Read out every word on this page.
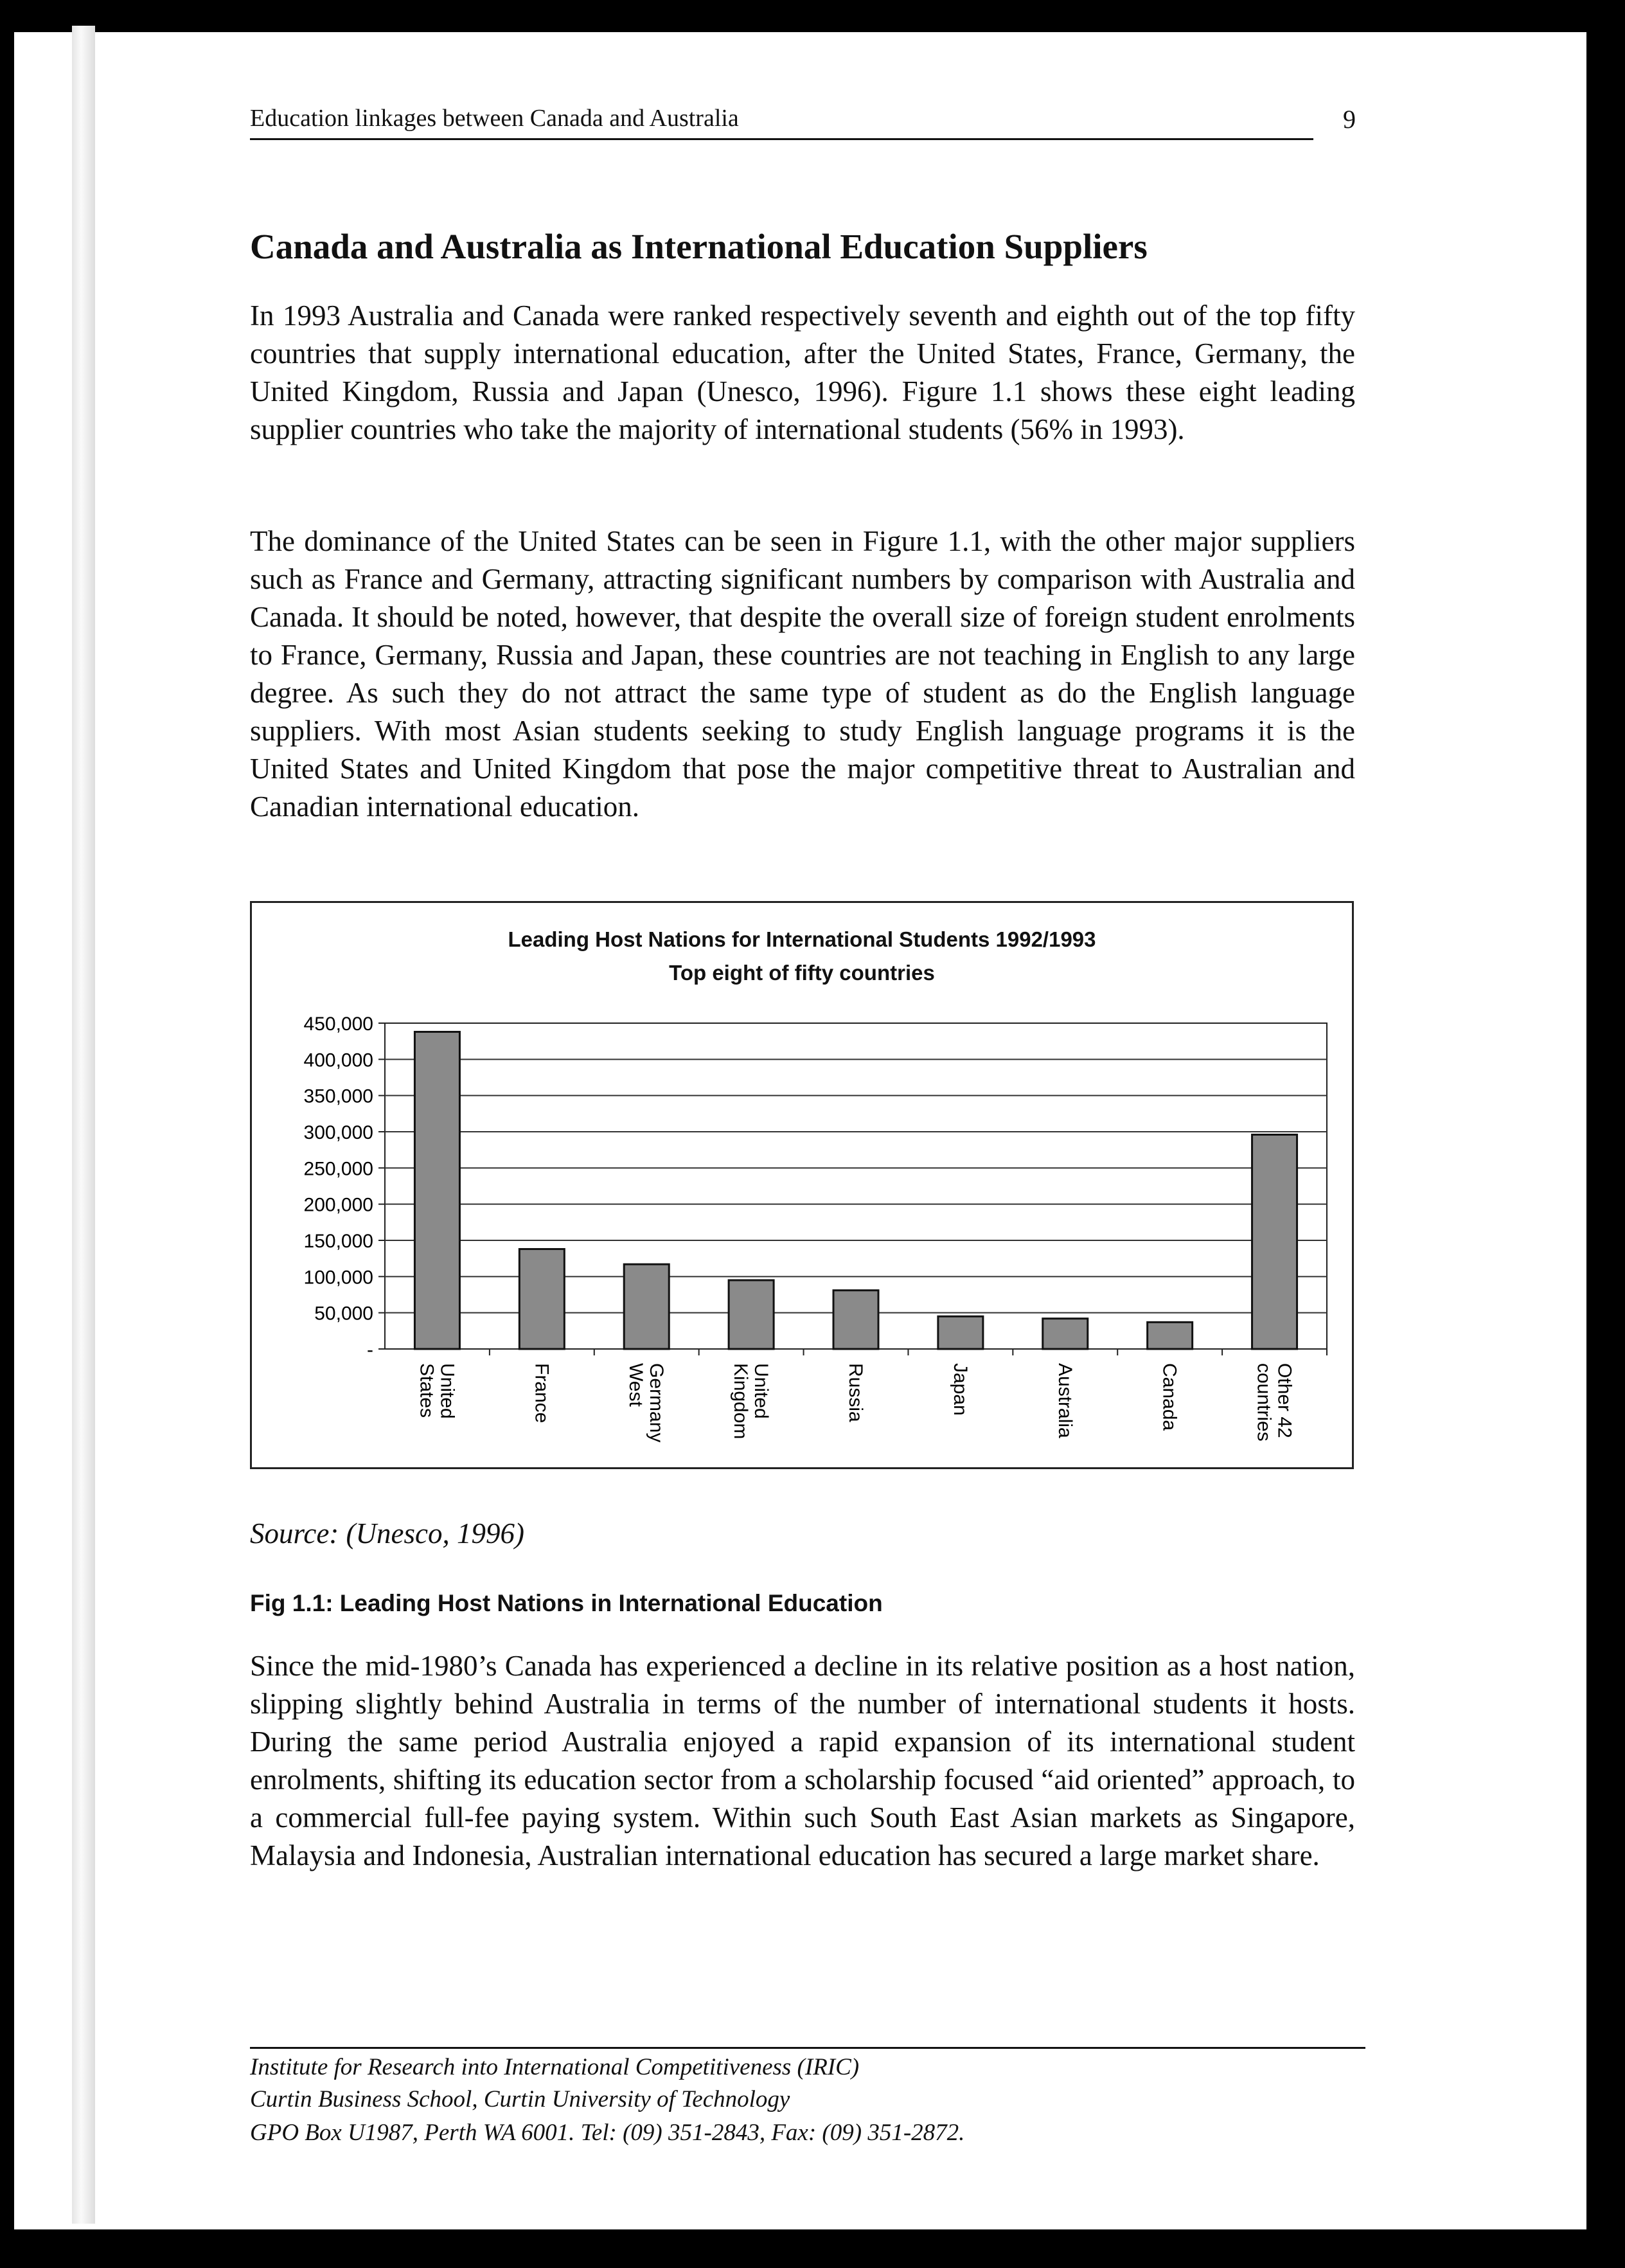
Education linkages between Canada and Australia	9
Canada and Australia as International Education Suppliers

In 1993 Australia and Canada were ranked respectively seventh and eighth out of the top fifty countries that supply international education, after the United States, France, Germany, the United Kingdom, Russia and Japan (Unesco, 1996). Figure 1.1 shows these eight leading supplier countries who take the majority of international students (56% in 1993).

The dominance of the United States can be seen in Figure 1.1, with the other major suppliers such as France and Germany, attracting significant numbers by comparison with Australia and Canada. It should be noted, however, that despite the overall size of foreign student enrolments to France, Germany, Russia and Japan, these countries are not teaching in English to any large degree. As such they do not attract the same type of student as do the English language suppliers. With most Asian students seeking to study English language programs it is the United States and United Kingdom that pose the major competitive threat to Australian and Canadian international education.

Leading Host Nations for International Students 1992/1993
Top eight of fifty countries
-
50,000
100,000
150,000
200,000
250,000
300,000
350,000
400,000
450,000
UnitedStates	France	GermanyWest	UnitedKingdom	Russia	Japan	Australia	Canada	Other 42countries
Source: (Unesco, 1996)
Fig 1.1: Leading Host Nations in International Education

Since the mid-1980’s Canada has experienced a decline in its relative position as a host nation, slipping slightly behind Australia in terms of the number of international students it hosts. During the same period Australia enjoyed a rapid expansion of its international student enrolments, shifting its education sector from a scholarship focused “aid oriented” approach, to a commercial full-fee paying system. Within such South East Asian markets as Singapore, Malaysia and Indonesia, Australian international education has secured a large market share.

Institute for Research into International Competitiveness (IRIC)
Curtin Business School, Curtin University of Technology
GPO Box U1987, Perth WA 6001. Tel: (09) 351-2843, Fax: (09) 351-2872.
